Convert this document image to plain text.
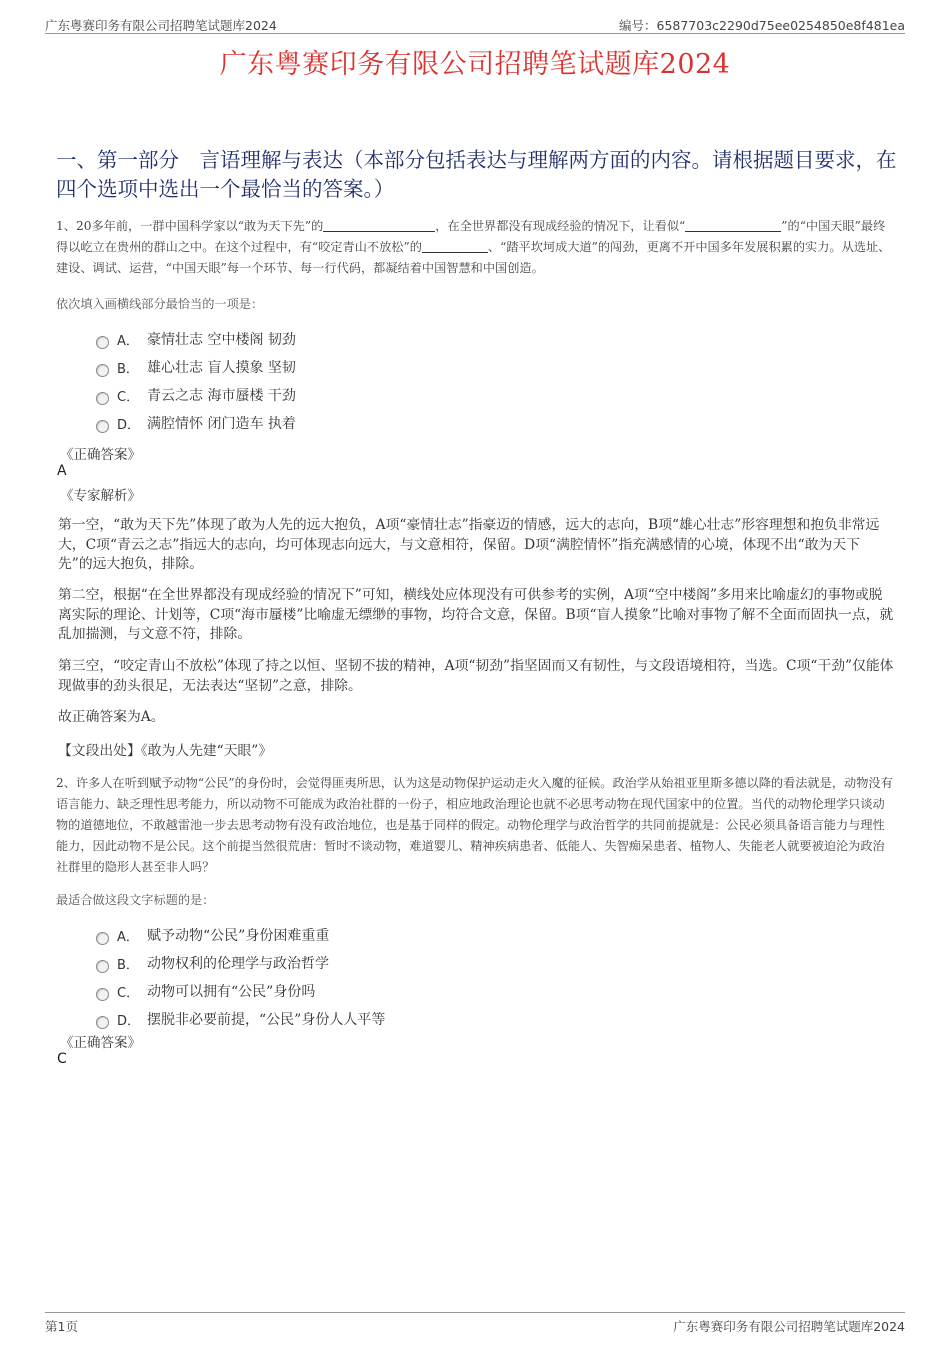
广东粤赛印务有限公司招聘笔试题库2024	编号：6587703c2290d75ee0254850e8f481ea
广东粤赛印务有限公司招聘笔试题库2024
一、第一部分　言语理解与表达（本部分包括表达与理解两方面的内容。请根据题目要求，在四个选项中选出一个最恰当的答案。）
1、20多年前，一群中国科学家以“敢为天下先”的	，在全世界都没有现成经验的情况下，让看似“	”的“中国天眼”最终得以屹立在贵州的群山之中。在这个过程中，有“咬定青山不放松”的	、“踏平坎坷成大道”的闯劲，更离不开中国多年发展积累的实力。从选址、建设、调试、运营，“中国天眼”每一个环节、每一行代码，都凝结着中国智慧和中国创造。
依次填入画横线部分最恰当的一项是：
A． 豪情壮志 空中楼阁 韧劲
B． 雄心壮志 盲人摸象 坚韧
C． 青云之志 海市蜃楼 干劲
D． 满腔情怀 闭门造车 执着
《正确答案》
A
《专家解析》
第一空，“敢为天下先”体现了敢为人先的远大抱负，A项“豪情壮志”指豪迈的情感，远大的志向，B项“雄心壮志”形容理想和抱负非常远大，C项“青云之志”指远大的志向，均可体现志向远大，与文意相符，保留。D项“满腔情怀”指充满感情的心境，体现不出“敢为天下先”的远大抱负，排除。
第二空，根据“在全世界都没有现成经验的情况下”可知，横线处应体现没有可供参考的实例，A项“空中楼阁”多用来比喻虚幻的事物或脱离实际的理论、计划等，C项“海市蜃楼”比喻虚无缥缈的事物，均符合文意，保留。B项“盲人摸象”比喻对事物了解不全面而固执一点，就乱加揣测，与文意不符，排除。
第三空，“咬定青山不放松”体现了持之以恒、坚韧不拔的精神，A项“韧劲”指坚固而又有韧性，与文段语境相符，当选。C项“干劲”仅能体现做事的劲头很足，无法表达“坚韧”之意，排除。
故正确答案为A。
【文段出处】《敢为人先建“天眼”》
2、许多人在听到赋予动物“公民”的身份时，会觉得匪夷所思，认为这是动物保护运动走火入魔的征候。政治学从始祖亚里斯多德以降的看法就是，动物没有语言能力、缺乏理性思考能力，所以动物不可能成为政治社群的一份子，相应地政治理论也就不必思考动物在现代国家中的位置。当代的动物伦理学只谈动物的道德地位，不敢越雷池一步去思考动物有没有政治地位，也是基于同样的假定。动物伦理学与政治哲学的共同前提就是：公民必须具备语言能力与理性能力，因此动物不是公民。这个前提当然很荒唐：暂时不谈动物，难道婴儿、精神疾病患者、低能人、失智痴呆患者、植物人、失能老人就要被迫沦为政治社群里的隐形人甚至非人吗？
最适合做这段文字标题的是：
A． 赋予动物“公民”身份困难重重
B． 动物权利的伦理学与政治哲学
C． 动物可以拥有“公民”身份吗
D． 摆脱非必要前提，“公民”身份人人平等
《正确答案》
C
第1页	广东粤赛印务有限公司招聘笔试题库2024
